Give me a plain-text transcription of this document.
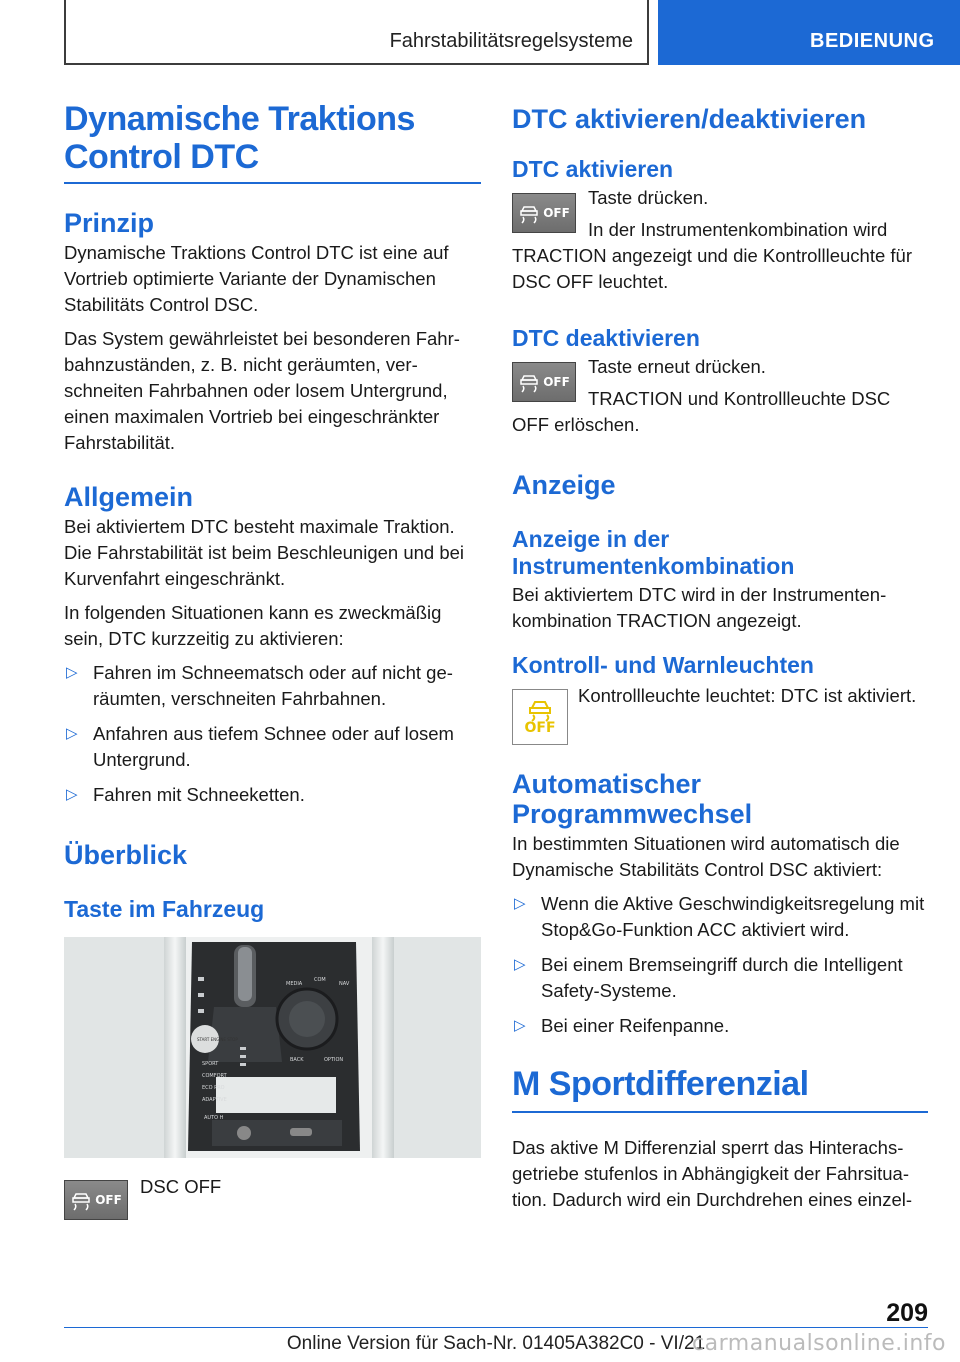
Fahrstabilitätsregelsysteme	BEDIENUNG
Dynamische Traktions Control DTC
Prinzip

Dynamische Traktions Control DTC ist eine auf Vortrieb optimierte Variante der Dynamischen Stabilitäts Control DSC.

Das System gewährleistet bei besonderen Fahrbahnzuständen, z. B. nicht geräumten, verschneiten Fahrbahnen oder losem Untergrund, einen maximalen Vortrieb bei eingeschränkter Fahrstabilität.

Allgemein

Bei aktiviertem DTC besteht maximale Traktion. Die Fahrstabilität ist beim Beschleunigen und bei Kurvenfahrt eingeschränkt.

In folgenden Situationen kann es zweckmäßig sein, DTC kurzzeitig zu aktivieren:

▷ Fahren im Schneematsch oder auf nicht geräumten, verschneiten Fahrbahnen.
▷ Anfahren aus tiefem Schnee oder auf losem Untergrund.
▷ Fahren mit Schneeketten.
Überblick
Taste im Fahrzeug
START ENGINE STOP
SPORT
COMFORT
ECO PRO
ADAPTIVE
AUTO H
MEDIA
COM
NAV
BACK	OPTION
OFF

DSC OFF

DTC aktivieren/deaktivieren
DTC aktivieren
OFF

Taste drücken.

In der Instrumentenkombination wird TRACTION angezeigt und die Kontrollleuchte für DSC OFF leuchtet.

DTC deaktivieren
OFF

Taste erneut drücken.

TRACTION und Kontrollleuchte DSC OFF erlöschen.

Anzeige
Anzeige in der Instrumentenkombination

Bei aktiviertem DTC wird in der Instrumentenkombination TRACTION angezeigt.

Kontroll- und Warnleuchten
OFF

Kontrollleuchte leuchtet: DTC ist aktiviert.

Automatischer Programmwechsel

In bestimmten Situationen wird automatisch die Dynamische Stabilitäts Control DSC aktiviert:

▷ Wenn die Aktive Geschwindigkeitsregelung mit Stop&Go-Funktion ACC aktiviert wird.
▷ Bei einem Bremseingriff durch die Intelligent Safety-Systeme.
▷ Bei einer Reifenpanne.
M Sportdifferenzial

Das aktive M Differenzial sperrt das Hinterachsgetriebe stufenlos in Abhängigkeit der Fahrsituation. Dadurch wird ein Durchdrehen eines einzel-

209
Online Version für Sach-Nr. 01405A382C0 - VI/21
carmanualsonline.info
